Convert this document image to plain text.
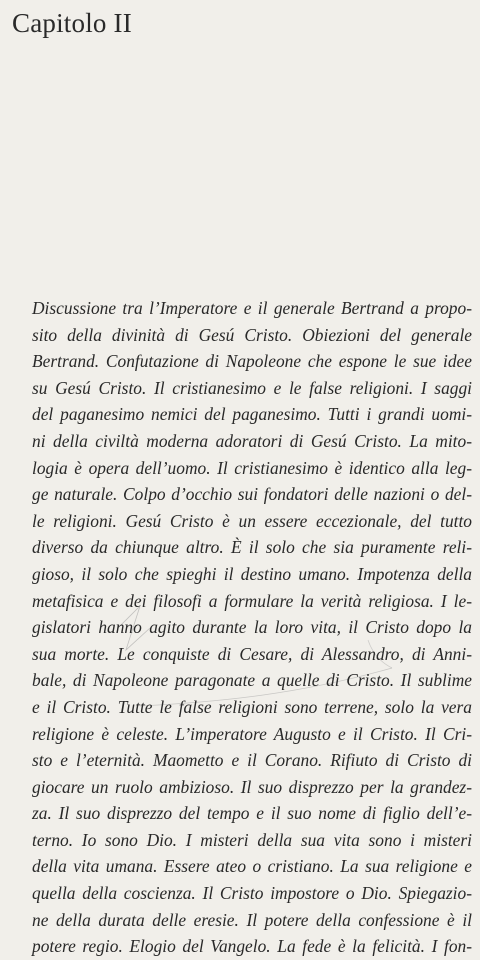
Capitolo II
Discussione tra l’Imperatore e il generale Bertrand a propo-
sito della divinità di Gesú Cristo. Obiezioni del generale
Bertrand. Confutazione di Napoleone che espone le sue idee
su Gesú Cristo. Il cristianesimo e le false religioni. I saggi
del paganesimo nemici del paganesimo. Tutti i grandi uomi-
ni della civiltà moderna adoratori di Gesú Cristo. La mito-
logia è opera dell’uomo. Il cristianesimo è identico alla leg-
ge naturale. Colpo d’occhio sui fondatori delle nazioni o del-
le religioni. Gesú Cristo è un essere eccezionale, del tutto
diverso da chiunque altro. È il solo che sia puramente reli-
gioso, il solo che spieghi il destino umano. Impotenza della
metafisica e dei filosofi a formulare la verità religiosa. I le-
gislatori hanno agito durante la loro vita, il Cristo dopo la
sua morte. Le conquiste di Cesare, di Alessandro, di Anni-
bale, di Napoleone paragonate a quelle di Cristo. Il sublime
e il Cristo. Tutte le false religioni sono terrene, solo la vera
religione è celeste. L’imperatore Augusto e il Cristo. Il Cri-
sto e l’eternità. Maometto e il Corano. Rifiuto di Cristo di
giocare un ruolo ambizioso. Il suo disprezzo per la grandez-
za. Il suo disprezzo del tempo e il suo nome di figlio dell’e-
terno. Io sono Dio. I misteri della sua vita sono i misteri
della vita umana. Essere ateo o cristiano. La sua religione e
quella della coscienza. Il Cristo impostore o Dio. Spiegazio-
ne della durata delle eresie. Il potere della confessione è il
potere regio. Elogio del Vangelo. La fede è la felicità. I fon-
